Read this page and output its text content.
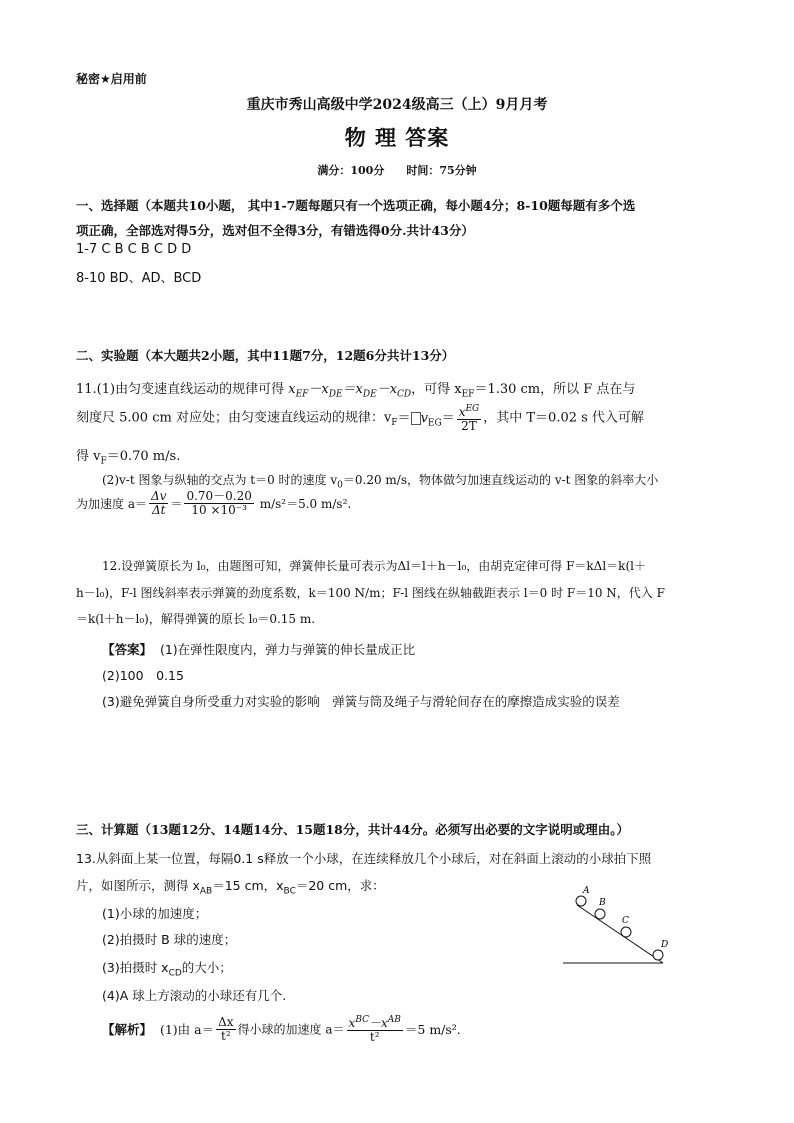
秘密★启用前
重庆市秀山高级中学2024级高三（上）9月月考
物 理 答案
满分：100分　　时间：75分钟
一、选择题（本题共10小题， 其中1-7题每题只有一个选项正确，每小题4分；8-10题每题有多个选
项正确，全部选对得5分，选对但不全得3分，有错选得0分.共计43分）
1-7 C B C B C D D
8-10 BD、AD、BCD
二、实验题（本大题共2小题，其中11题7分，12题6分共计13分）
11.(1)由匀变速直线运动的规律可得 $x_{EF}-x_{DE}=x_{DE}-x_{CD}$，可得 $x_{EF}=1.30$ cm，所以 F 点在与
刻度尺 5.00 cm 对应处；由匀变速直线运动的规律：$v_F= v_{EG}= \frac{x^{EG}}{2T}$ ，其中 T＝0.02 s 代入可解
得 $v_F=0.70$ m/s.
(2)v-t 图象与纵轴的交点为 t＝0 时的速度 $v_0=0.20$ m/s，物体做匀加速直线运动的 v-t 图象的斜率大小
为加速度 $a= \frac{\Delta v}{\Delta t} = \frac{0.70-0.20}{\text{10 ×10⁻³}} m/s^2=5.0$ m/s².
12.设弹簧原长为 l₀，由题图可知，弹簧伸长量可表示为Δl＝l＋h－l₀，由胡克定律可得 F＝kΔl＝k(l＋
h－l₀)，F-l 图线斜率表示弹簧的劲度系数，k＝100 N/m；F-l 图线在纵轴截距表示 l＝0 时 F＝10 N，代入 F
＝k(l＋h－l₀)，解得弹簧的原长 l₀＝0.15 m.
【答案】 (1)在弹性限度内，弹力与弹簧的伸长量成正比
(2)100　0.15
(3)避免弹簧自身所受重力对实验的影响　弹簧与筒及绳子与滑轮间存在的摩擦造成实验的误差
三、计算题（13题12分、14题14分、15题18分，共计44分。必须写出必要的文字说明或理由。）
13.从斜面上某一位置，每隔0.1 s释放一个小球，在连续释放几个小球后，对在斜面上滚动的小球拍下照
片，如图所示，测得 $x_{AB}=15$ cm，$x_{BC}=20$ cm，求：
(1)小球的加速度；
(2)拍摄时 B 球的速度；
(3)拍摄时 $x_{CD}$的大小；
(4)A 球上方滚动的小球还有几个.
【解析】 (1)由 $a= \frac{\Delta x}{\text{t²}}$ 得小球的加速度 $a= \frac{x^{BC}-x^{AB}}{\text{t²}} =5$ m/s².
A
B
C
D
